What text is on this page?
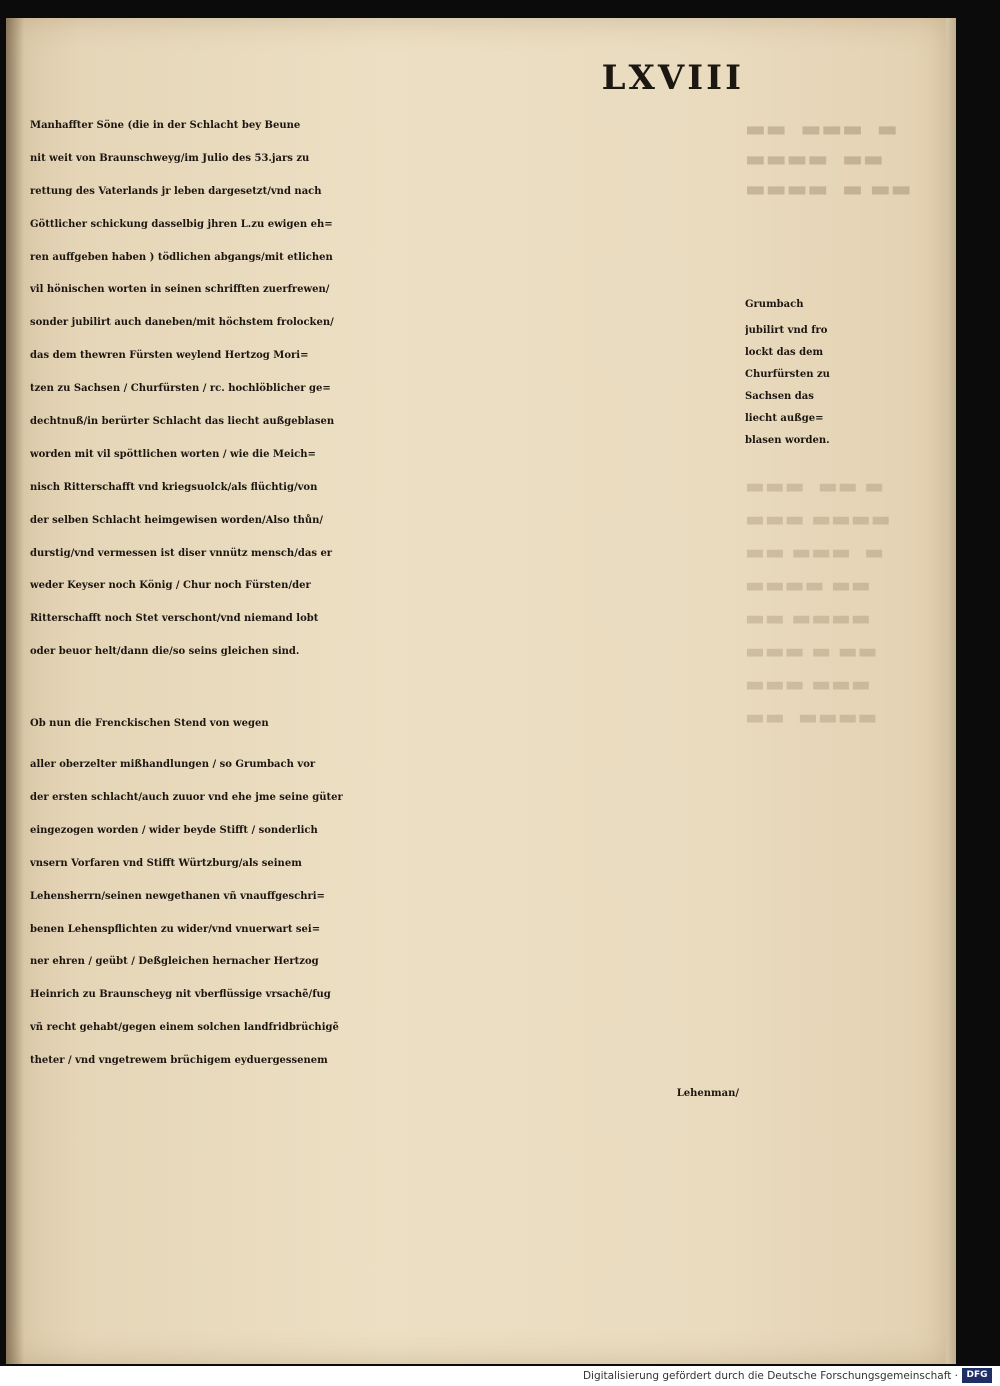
▬▬  ▬▬▬  ▬
▬▬▬▬  ▬▬
▬▬▬▬  ▬ ▬▬
▬▬▬  ▬▬ ▬
▬▬▬ ▬▬▬▬
▬▬ ▬▬▬  ▬
▬▬▬▬ ▬▬
▬▬ ▬▬▬▬
▬▬▬ ▬ ▬▬
▬▬▬ ▬▬▬
▬▬  ▬▬▬▬
LXVIII
Manhaffter Söne (die in der Schlacht bey Beune
nit weit von Braunschweyg/im Julio des 53.jars zu
rettung des Vaterlands jr leben dargesetzt/vnd nach
Göttlicher schickung dasselbig jhren L.zu ewigen eh=
ren auffgeben haben ) tödlichen abgangs/mit etlichen
vil hönischen worten in seinen schrifften zuerfrewen/
sonder jubilirt auch daneben/mit höchstem frolocken/
das dem thewren Fürsten weylend Hertzog Mori=
tzen zu Sachsen / Churfürsten / rc. hochlöblicher ge=
dechtnuß/in berürter Schlacht das liecht außgeblasen
worden mit vil spöttlichen worten / wie die Meich=
nisch Ritterschafft vnd kriegsuolck/als flüchtig/von
der selben Schlacht heimgewisen worden/Also thůn/
durstig/vnd vermessen ist diser vnnütz mensch/das er
weder Keyser noch König / Chur noch Fürsten/der
Ritterschafft noch Stet verschont/vnd niemand lobt
oder beuor helt/dann die/so seins gleichen sind.
Ob nun die Frenckischen Stend von wegen
aller oberzelter mißhandlungen / so Grumbach vor
der ersten schlacht/auch zuuor vnd ehe jme seine güter
eingezogen worden / wider beyde Stifft / sonderlich
vnsern Vorfaren vnd Stifft Würtzburg/als seinem
Lehensherrn/seinen newgethanen vñ vnauffgeschri=
benen Lehenspflichten zu wider/vnd vnuerwart sei=
ner ehren / geübt / Deßgleichen hernacher Hertzog
Heinrich zu Braunscheyg nit vberflüssige vrsachẽ/fug
vñ recht gehabt/gegen einem solchen landfridbrüchigẽ
theter / vnd vngetrewem brüchigem eyduergessenem
Lehenman/
Grumbach
jubilirt vnd fro
lockt das dem
Churfürsten zu
Sachsen das
liecht außge=
blasen worden.
Digitalisierung gefördert durch die Deutsche Forschungsgemeinschaft · DFG
